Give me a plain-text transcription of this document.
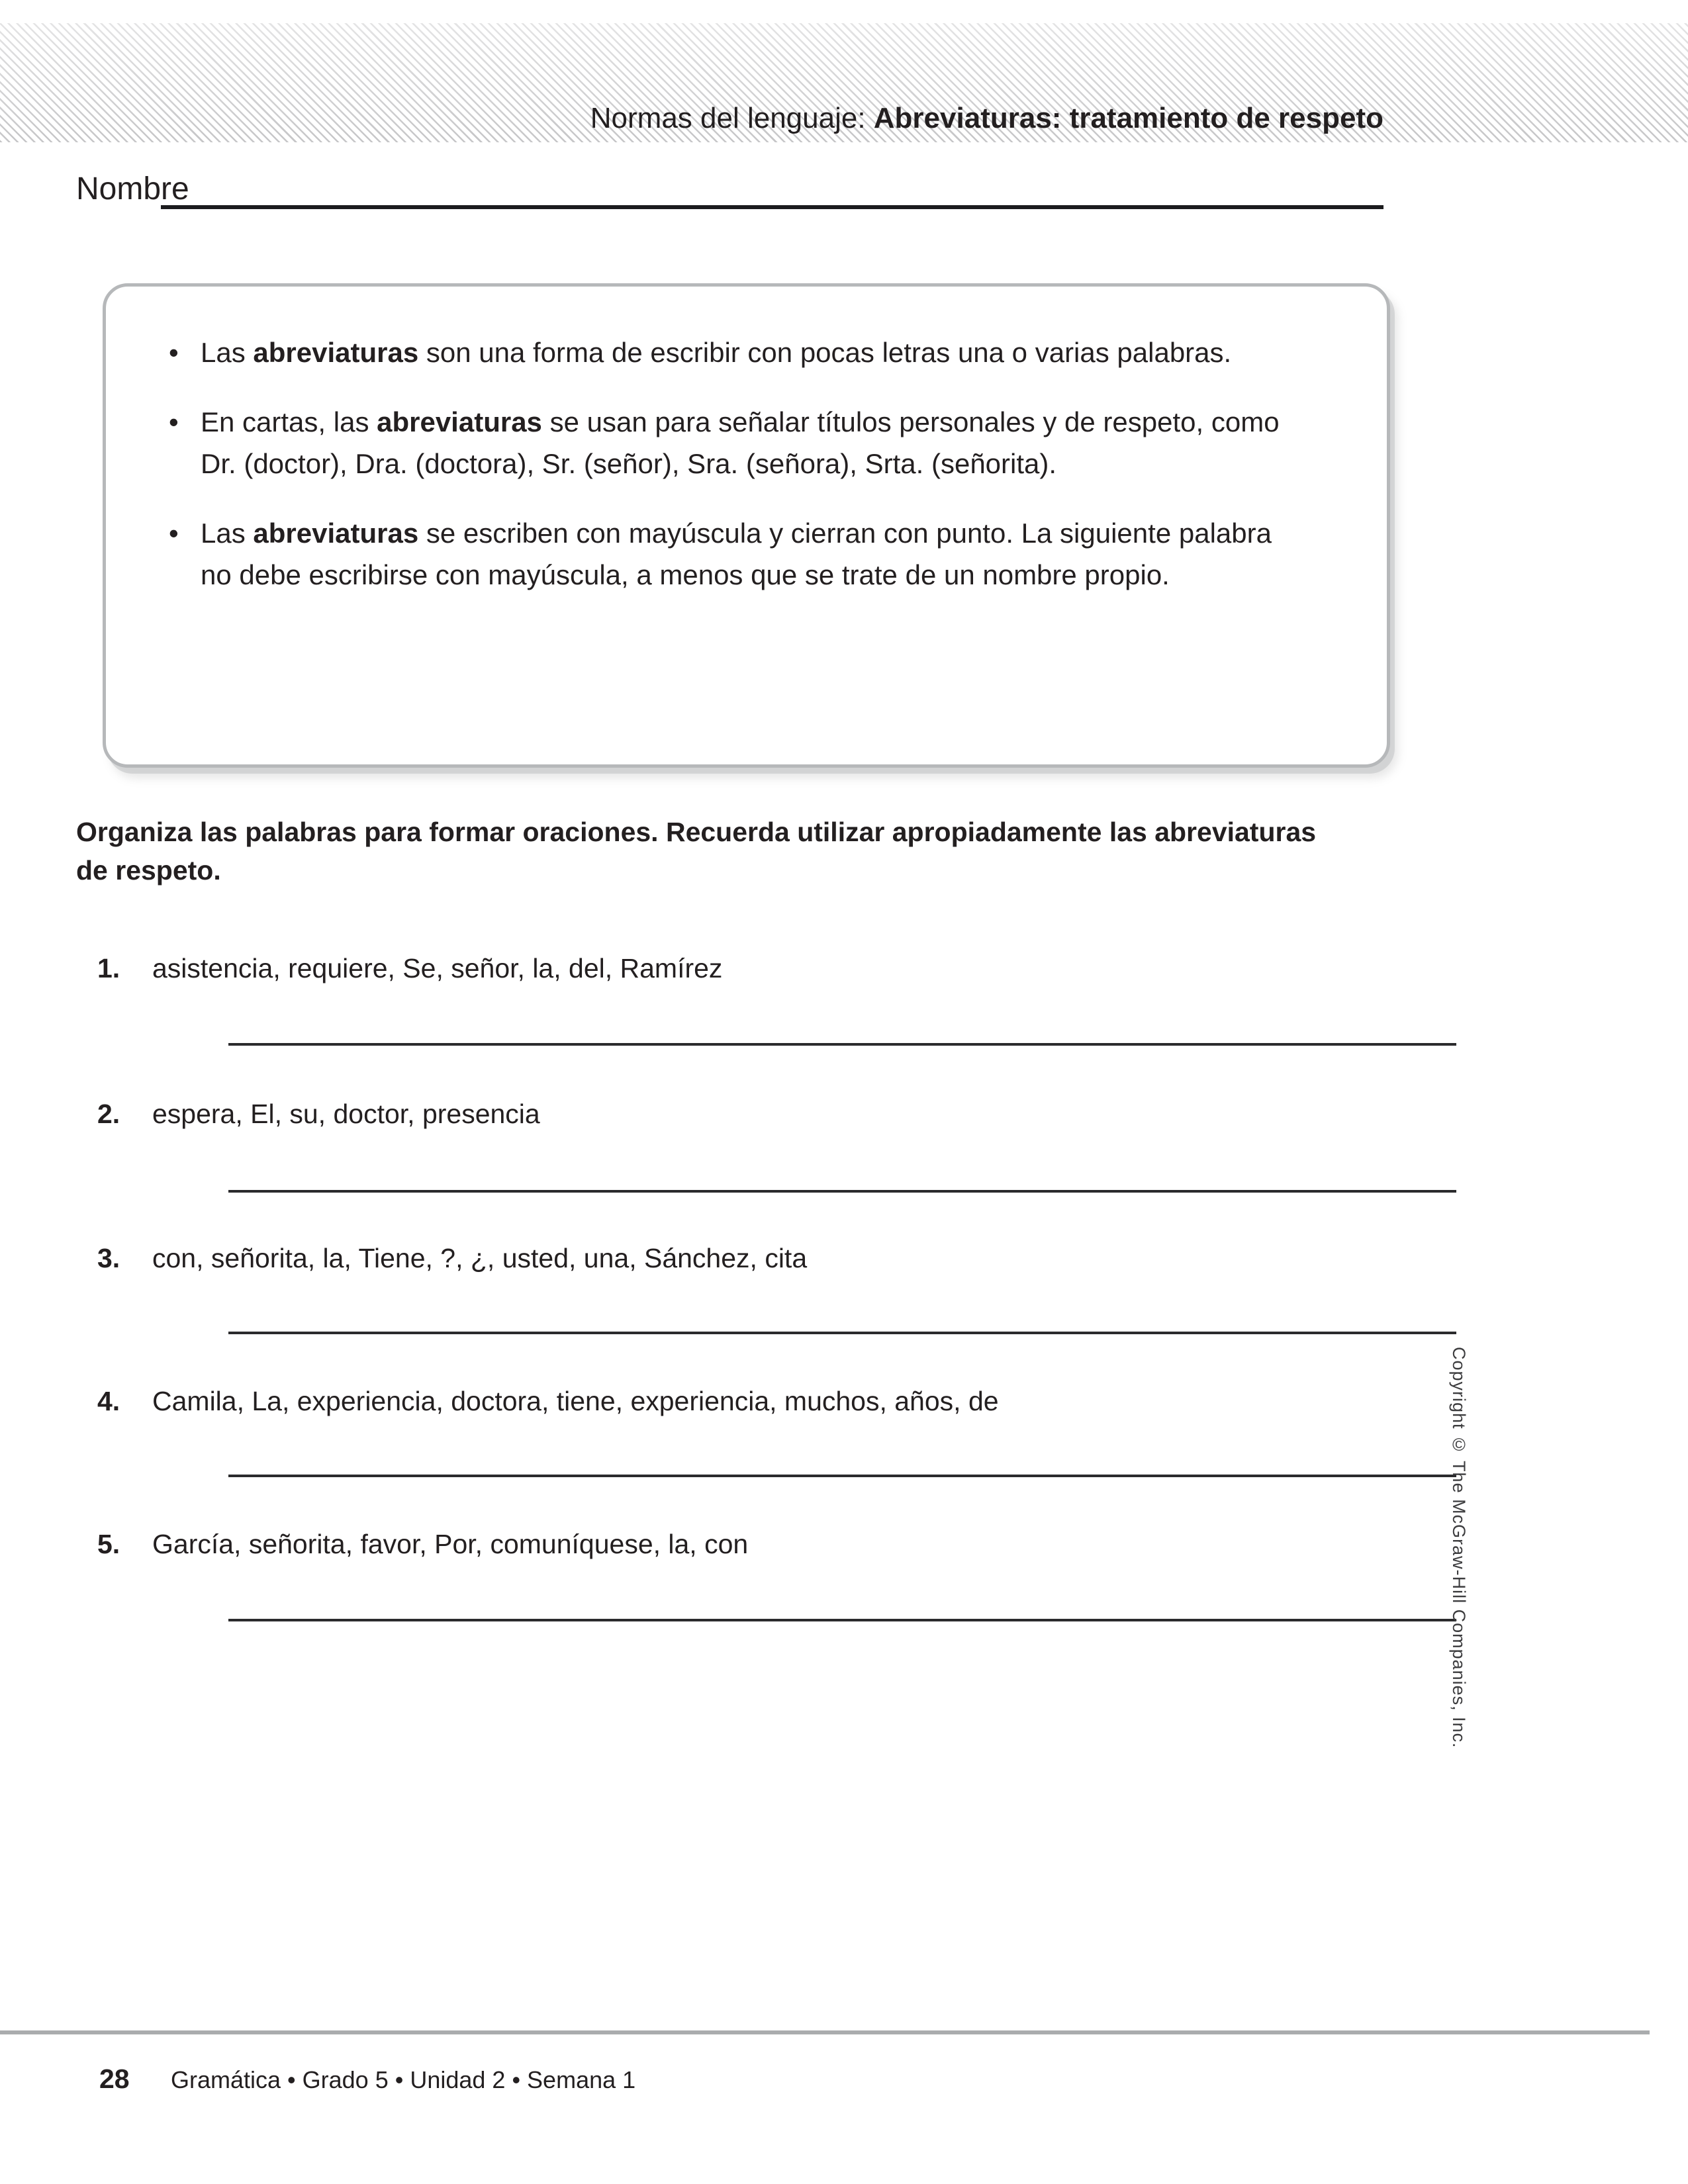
Normas del lenguaje: Abreviaturas: tratamiento de respeto
Nombre
• Las abreviaturas son una forma de escribir con pocas letras una o varias palabras.
• En cartas, las abreviaturas se usan para señalar títulos personales y de respeto, como Dr. (doctor), Dra. (doctora), Sr. (señor), Sra. (señora), Srta. (señorita).
• Las abreviaturas se escriben con mayúscula y cierran con punto. La siguiente palabra no debe escribirse con mayúscula, a menos que se trate de un nombre propio.
Organiza las palabras para formar oraciones. Recuerda utilizar apropiadamente las abreviaturas de respeto.
1. asistencia, requiere, Se, señor, la, del, Ramírez
2. espera, El, su, doctor, presencia
3. con, señorita, la, Tiene, ?, ¿, usted, una, Sánchez, cita
4. Camila, La, experiencia, doctora, tiene, experiencia, muchos, años, de
5. García, señorita, favor, Por, comuníquese, la, con	Copyright © The McGraw-Hill Companies, Inc.
28 Gramática • Grado 5 • Unidad 2 • Semana 1
